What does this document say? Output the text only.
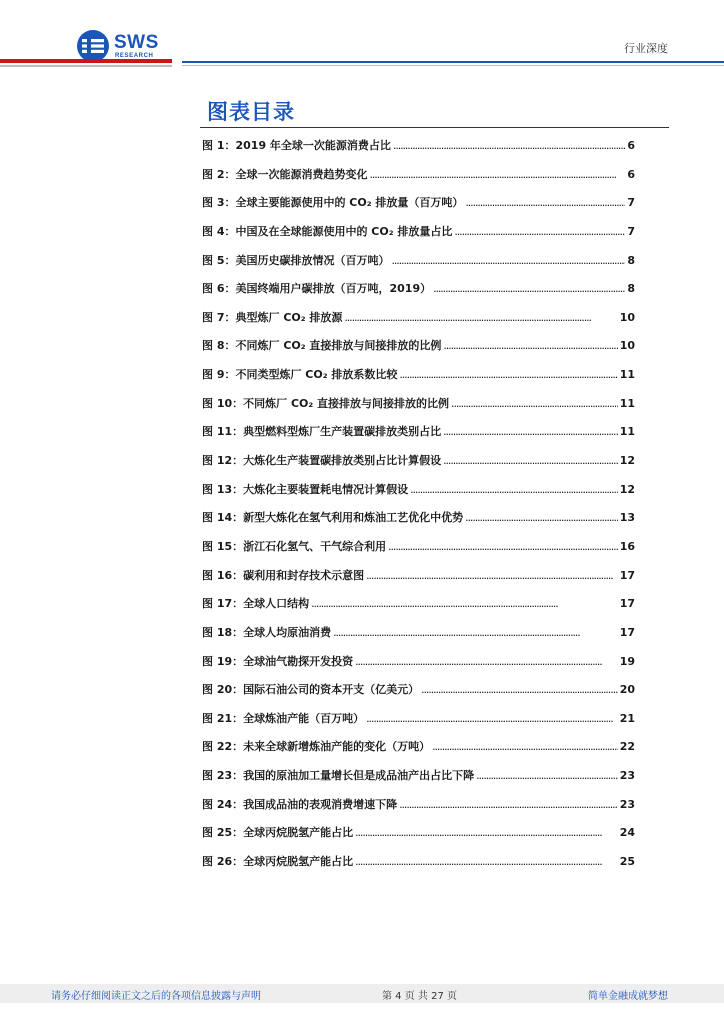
SWS
RESEARCH
行业深度
图表目录
图 1：2019 年全球一次能源消费占比 . . .	6
图 2：全球一次能源消费趋势变化 . . .	6
图 3：全球主要能源使用中的 CO₂ 排放量（百万吨） . . .	7
图 4：中国及在全球能源使用中的 CO₂ 排放量占比 . . .	7
图 5：美国历史碳排放情况（百万吨） . . .	8
图 6：美国终端用户碳排放（百万吨，2019） . . .	8
图 7：典型炼厂 CO₂ 排放源 . . .	10
图 8：不同炼厂 CO₂ 直接排放与间接排放的比例 . . .	10
图 9：不同类型炼厂 CO₂ 排放系数比较 . . .	11
图 10：不同炼厂 CO₂ 直接排放与间接排放的比例 . . .	11
图 11：典型燃料型炼厂生产装置碳排放类别占比 . . .	11
图 12：大炼化生产装置碳排放类别占比计算假设 . . .	12
图 13：大炼化主要装置耗电情况计算假设 . . .	12
图 14：新型大炼化在氢气利用和炼油工艺优化中优势 . . .	13
图 15：浙江石化氢气、干气综合利用 . . .	16
图 16：碳利用和封存技术示意图 . . .	17
图 17：全球人口结构 . . .	17
图 18：全球人均原油消费 . . .	17
图 19：全球油气勘探开发投资 . . .	19
图 20：国际石油公司的资本开支（亿美元） . . .	20
图 21：全球炼油产能（百万吨） . . .	21
图 22：未来全球新增炼油产能的变化（万吨） . . .	22
图 23：我国的原油加工量增长但是成品油产出占比下降 . . .	23
图 24：我国成品油的表观消费增速下降 . . .	23
图 25：全球丙烷脱氢产能占比 . . .	24
图 26：全球丙烷脱氢产能占比 . . .	25
请务必仔细阅读正文之后的各项信息披露与声明	第 4 页 共 27 页	简单金融成就梦想
